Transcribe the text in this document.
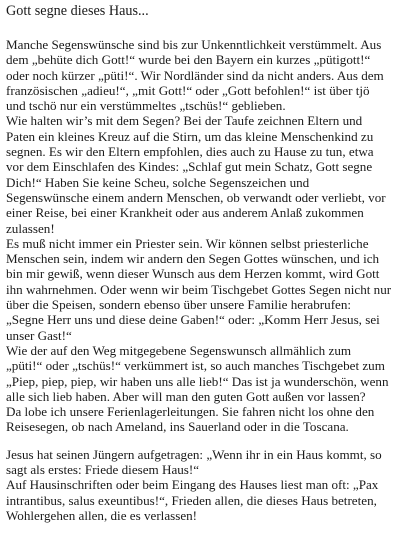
Gott segne dieses Haus...
Manche Segenswünsche sind bis zur Unkenntlichkeit verstümmelt. Aus
dem „behüte dich Gott!“ wurde bei den Bayern ein kurzes „pütigott!“
oder noch kürzer „püti!“. Wir Nordländer sind da nicht anders. Aus dem
französischen „adieu!“, „mit Gott!“ oder „Gott befohlen!“ ist über tjö
und tschö nur ein verstümmeltes „tschüs!“ geblieben.
Wie halten wir’s mit dem Segen? Bei der Taufe zeichnen Eltern und
Paten ein kleines Kreuz auf die Stirn, um das kleine Menschenkind zu
segnen. Es wir den Eltern empfohlen, dies auch zu Hause zu tun, etwa
vor dem Einschlafen des Kindes: „Schlaf gut mein Schatz, Gott segne
Dich!“ Haben Sie keine Scheu, solche Segenszeichen und
Segenswünsche einem andern Menschen, ob verwandt oder verliebt, vor
einer Reise, bei einer Krankheit oder aus anderem Anlaß zukommen
zulassen!
Es muß nicht immer ein Priester sein. Wir können selbst priesterliche
Menschen sein, indem wir andern den Segen Gottes wünschen, und ich
bin mir gewiß, wenn dieser Wunsch aus dem Herzen kommt, wird Gott
ihn wahrnehmen. Oder wenn wir beim Tischgebet Gottes Segen nicht nur
über die Speisen, sondern ebenso über unsere Familie herabrufen:
„Segne Herr uns und diese deine Gaben!“ oder: „Komm Herr Jesus, sei
unser Gast!“
Wie der auf den Weg mitgegebene Segenswunsch allmählich zum
„püti!“ oder „tschüs!“ verkümmert ist, so auch manches Tischgebet zum
„Piep, piep, piep, wir haben uns alle lieb!“ Das ist ja wunderschön, wenn
alle sich lieb haben. Aber will man den guten Gott außen vor lassen?
Da lobe ich unsere Ferienlagerleitungen. Sie fahren nicht los ohne den
Reisesegen, ob nach Ameland, ins Sauerland oder in die Toscana.
Jesus hat seinen Jüngern aufgetragen: „Wenn ihr in ein Haus kommt, so
sagt als erstes: Friede diesem Haus!“
Auf Hausinschriften oder beim Eingang des Hauses liest man oft: „Pax
intrantibus, salus exeuntibus!“, Frieden allen, die dieses Haus betreten,
Wohlergehen allen, die es verlassen!
